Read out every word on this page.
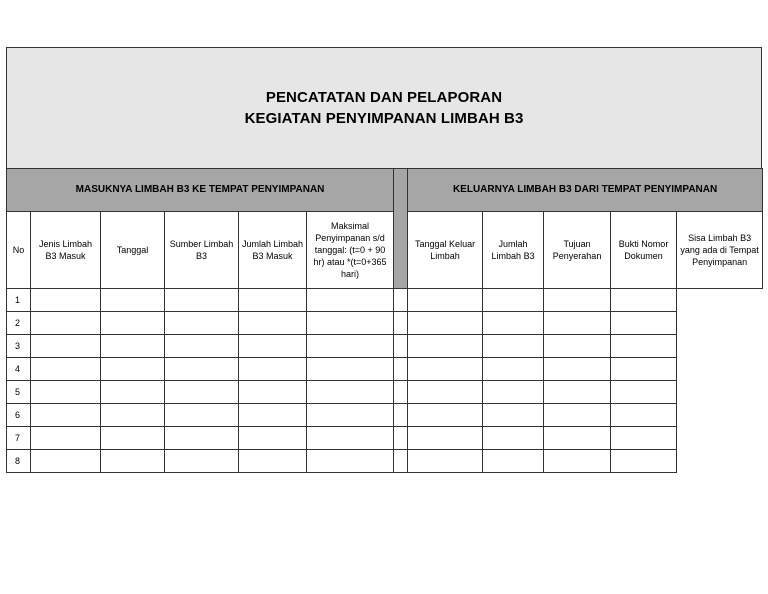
PENCATATAN DAN PELAPORAN
KEGIATAN PENYIMPANAN LIMBAH B3
MASUKNYA LIMBAH B3 KE TEMPAT PENYIMPANAN							KELUARNYA LIMBAH B3 DARI TEMPAT PENYIMPANAN				
No	Jenis Limbah B3 Masuk	Tanggal	Sumber Limbah B3	Jumlah Limbah B3 Masuk	Maksimal Penyimpanan s/d tanggal: (t=0 + 90 hr) atau *(t=0+365 hari)		Tanggal Keluar Limbah	Jumlah Limbah B3	Tujuan Penyerahan	Bukti Nomor Dokumen	Sisa Limbah B3 yang ada di Tempat Penyimpanan
1											
2											
3											
4											
5											
6											
7											
8											
